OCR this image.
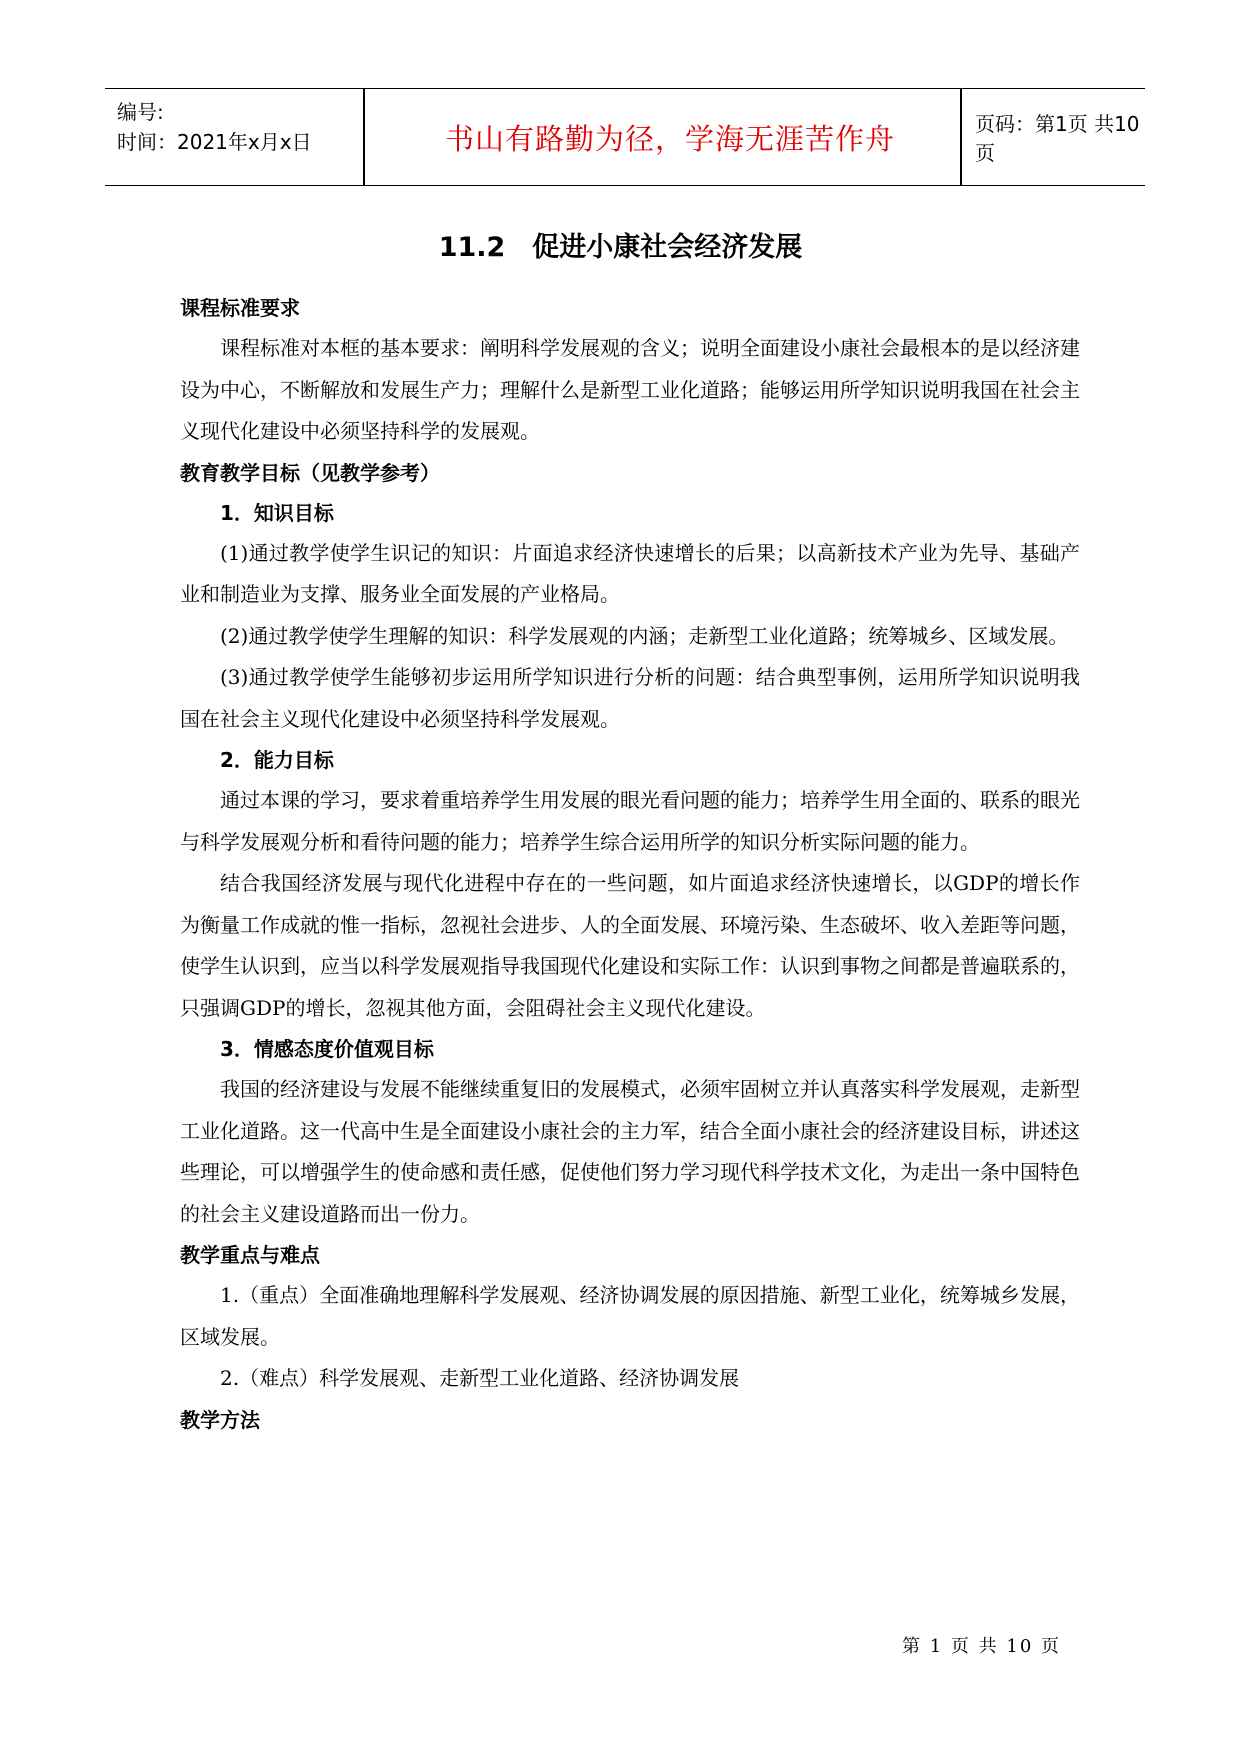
编号:
时间：2021年x月x日	书山有路勤为径，学海无涯苦作舟	页码：第1页 共10页
11.2　促进小康社会经济发展
课程标准要求

课程标准对本框的基本要求：阐明科学发展观的含义；说明全面建设小康社会最根本的是以经济建设为中心，不断解放和发展生产力；理解什么是新型工业化道路；能够运用所学知识说明我国在社会主义现代化建设中必须坚持科学的发展观。

教育教学目标（见教学参考）
1．知识目标

(1)通过教学使学生识记的知识：片面追求经济快速增长的后果；以高新技术产业为先导、基础产业和制造业为支撑、服务业全面发展的产业格局。

(2)通过教学使学生理解的知识：科学发展观的内涵；走新型工业化道路；统筹城乡、区域发展。

(3)通过教学使学生能够初步运用所学知识进行分析的问题：结合典型事例，运用所学知识说明我国在社会主义现代化建设中必须坚持科学发展观。

2．能力目标

通过本课的学习，要求着重培养学生用发展的眼光看问题的能力；培养学生用全面的、联系的眼光与科学发展观分析和看待问题的能力；培养学生综合运用所学的知识分析实际问题的能力。

结合我国经济发展与现代化进程中存在的一些问题，如片面追求经济快速增长，以GDP的增长作为衡量工作成就的惟一指标，忽视社会进步、人的全面发展、环境污染、生态破坏、收入差距等问题，使学生认识到，应当以科学发展观指导我国现代化建设和实际工作：认识到事物之间都是普遍联系的，只强调GDP的增长，忽视其他方面，会阻碍社会主义现代化建设。

3．情感态度价值观目标

我国的经济建设与发展不能继续重复旧的发展模式，必须牢固树立并认真落实科学发展观，走新型工业化道路。这一代高中生是全面建设小康社会的主力军，结合全面小康社会的经济建设目标，讲述这些理论，可以增强学生的使命感和责任感，促使他们努力学习现代科学技术文化，为走出一条中国特色的社会主义建设道路而出一份力。

教学重点与难点

1.（重点）全面准确地理解科学发展观、经济协调发展的原因措施、新型工业化，统筹城乡发展，区域发展。

2.（难点）科学发展观、走新型工业化道路、经济协调发展

教学方法
第 1 页 共 10 页
